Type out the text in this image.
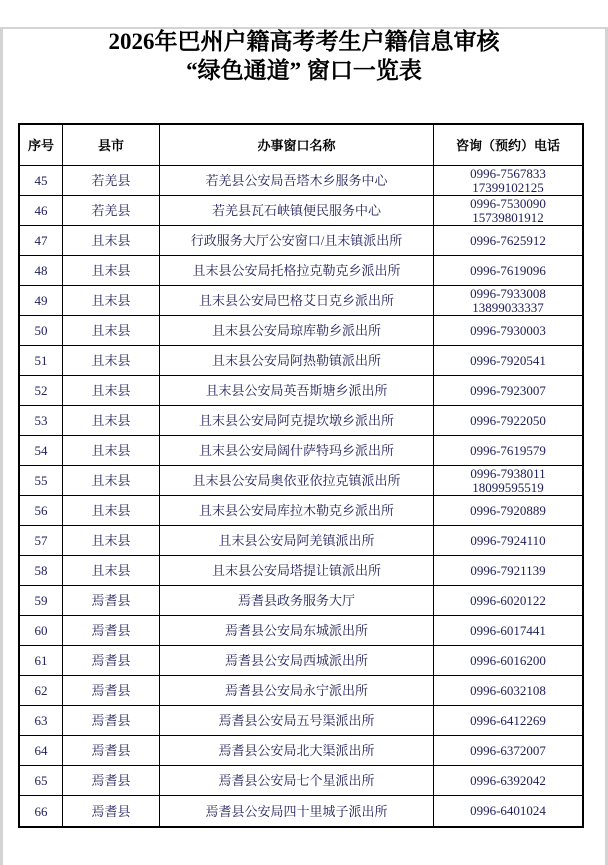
2026年巴州户籍高考考生户籍信息审核
“绿色通道” 窗口一览表
序号	县市	办事窗口名称	咨询（预约）电话
45	若羌县	若羌县公安局吾塔木乡服务中心	0996-7567833
17399102125
46	若羌县	若羌县瓦石峡镇便民服务中心	0996-7530090
15739801912
47	且末县	行政服务大厅公安窗口/且末镇派出所	0996-7625912
48	且末县	且末县公安局托格拉克勒克乡派出所	0996-7619096
49	且末县	且末县公安局巴格艾日克乡派出所	0996-7933008
13899033337
50	且末县	且末县公安局琼库勒乡派出所	0996-7930003
51	且末县	且末县公安局阿热勒镇派出所	0996-7920541
52	且末县	且末县公安局英吾斯塘乡派出所	0996-7923007
53	且末县	且末县公安局阿克提坎墩乡派出所	0996-7922050
54	且末县	且末县公安局阔什萨特玛乡派出所	0996-7619579
55	且末县	且末县公安局奥依亚依拉克镇派出所	0996-7938011
18099595519
56	且末县	且末县公安局库拉木勒克乡派出所	0996-7920889
57	且末县	且末县公安局阿羌镇派出所	0996-7924110
58	且末县	且末县公安局塔提让镇派出所	0996-7921139
59	焉耆县	焉耆县政务服务大厅	0996-6020122
60	焉耆县	焉耆县公安局东城派出所	0996-6017441
61	焉耆县	焉耆县公安局西城派出所	0996-6016200
62	焉耆县	焉耆县公安局永宁派出所	0996-6032108
63	焉耆县	焉耆县公安局五号渠派出所	0996-6412269
64	焉耆县	焉耆县公安局北大渠派出所	0996-6372007
65	焉耆县	焉耆县公安局七个星派出所	0996-6392042
66	焉耆县	焉耆县公安局四十里城子派出所	0996-6401024
